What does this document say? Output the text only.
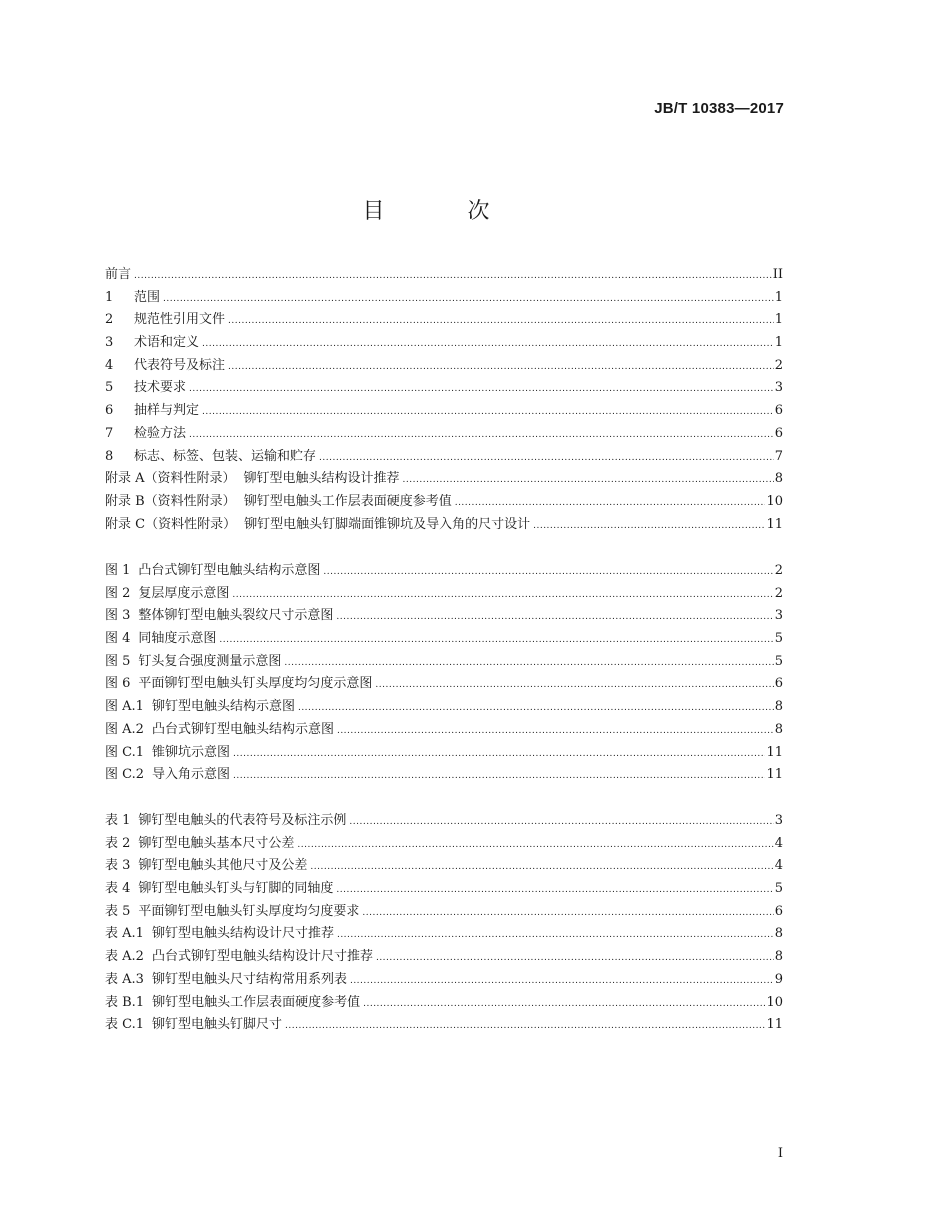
JB/T 10383—2017
目 次
前言 .....	II
1	范围 .....	1
2	规范性引用文件 .....	1
3	术语和定义 .....	1
4	代表符号及标注 .....	2
5	技术要求 .....	3
6	抽样与判定 .....	6
7	检验方法 .....	6
8	标志、标签、包装、运输和贮存 .....	7
附录 A（资料性附录） 铆钉型电触头结构设计推荐 .....	8
附录 B（资料性附录） 铆钉型电触头工作层表面硬度参考值 .....	10
附录 C（资料性附录） 铆钉型电触头钉脚端面锥铆坑及导入角的尺寸设计 .....	11
图 1 凸台式铆钉型电触头结构示意图 .....	2
图 2 复层厚度示意图 .....	2
图 3 整体铆钉型电触头裂纹尺寸示意图 .....	3
图 4 同轴度示意图 .....	5
图 5 钉头复合强度测量示意图 .....	5
图 6 平面铆钉型电触头钉头厚度均匀度示意图 .....	6
图 A.1 铆钉型电触头结构示意图 .....	8
图 A.2 凸台式铆钉型电触头结构示意图 .....	8
图 C.1 锥铆坑示意图 .....	11
图 C.2 导入角示意图 .....	11
表 1 铆钉型电触头的代表符号及标注示例 .....	3
表 2 铆钉型电触头基本尺寸公差 .....	4
表 3 铆钉型电触头其他尺寸及公差 .....	4
表 4 铆钉型电触头钉头与钉脚的同轴度 .....	5
表 5 平面铆钉型电触头钉头厚度均匀度要求 .....	6
表 A.1 铆钉型电触头结构设计尺寸推荐 .....	8
表 A.2 凸台式铆钉型电触头结构设计尺寸推荐 .....	8
表 A.3 铆钉型电触头尺寸结构常用系列表 .....	9
表 B.1 铆钉型电触头工作层表面硬度参考值 .....	10
表 C.1 铆钉型电触头钉脚尺寸 .....	11
I
